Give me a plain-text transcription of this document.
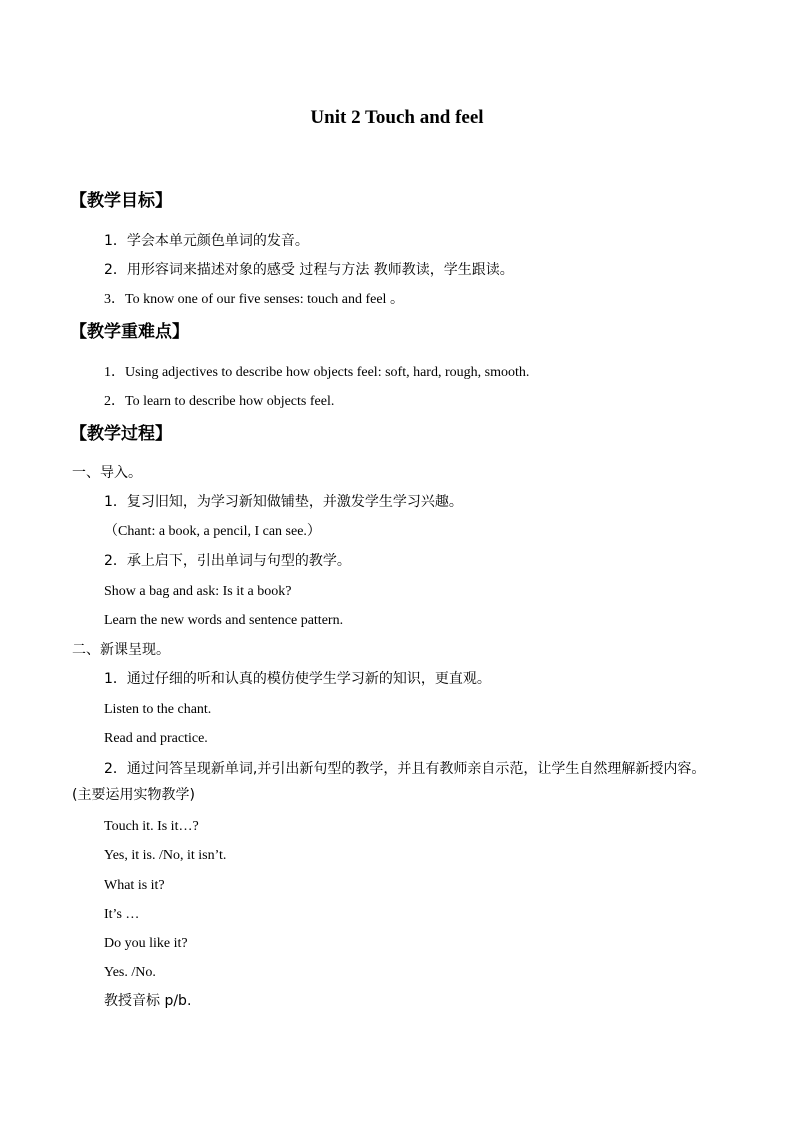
Unit 2 Touch and feel
【教学目标】
1．学会本单元颜色单词的发音。
2．用形容词来描述对象的感受 过程与方法 教师教读，学生跟读。
3．To know one of our five senses: touch and feel 。
【教学重难点】
1．Using adjectives to describe how objects feel: soft, hard, rough, smooth.
2．To learn to describe how objects feel.
【教学过程】
一、导入。
1．复习旧知，为学习新知做铺垫，并激发学生学习兴趣。
（Chant: a book, a pencil, I can see.）
2．承上启下，引出单词与句型的教学。
Show a bag and ask: Is it a book?
Learn the new words and sentence pattern.
二、新课呈现。
1．通过仔细的听和认真的模仿使学生学习新的知识，更直观。
Listen to the chant.
Read and practice.
2．通过问答呈现新单词,并引出新句型的教学，并且有教师亲自示范，让学生自然理解新授内容。(主要运用实物教学)
Touch it. Is it…?
Yes, it is. /No, it isn’t.
What is it?
It’s …
Do you like it?
Yes. /No.
教授音标 p/b.
